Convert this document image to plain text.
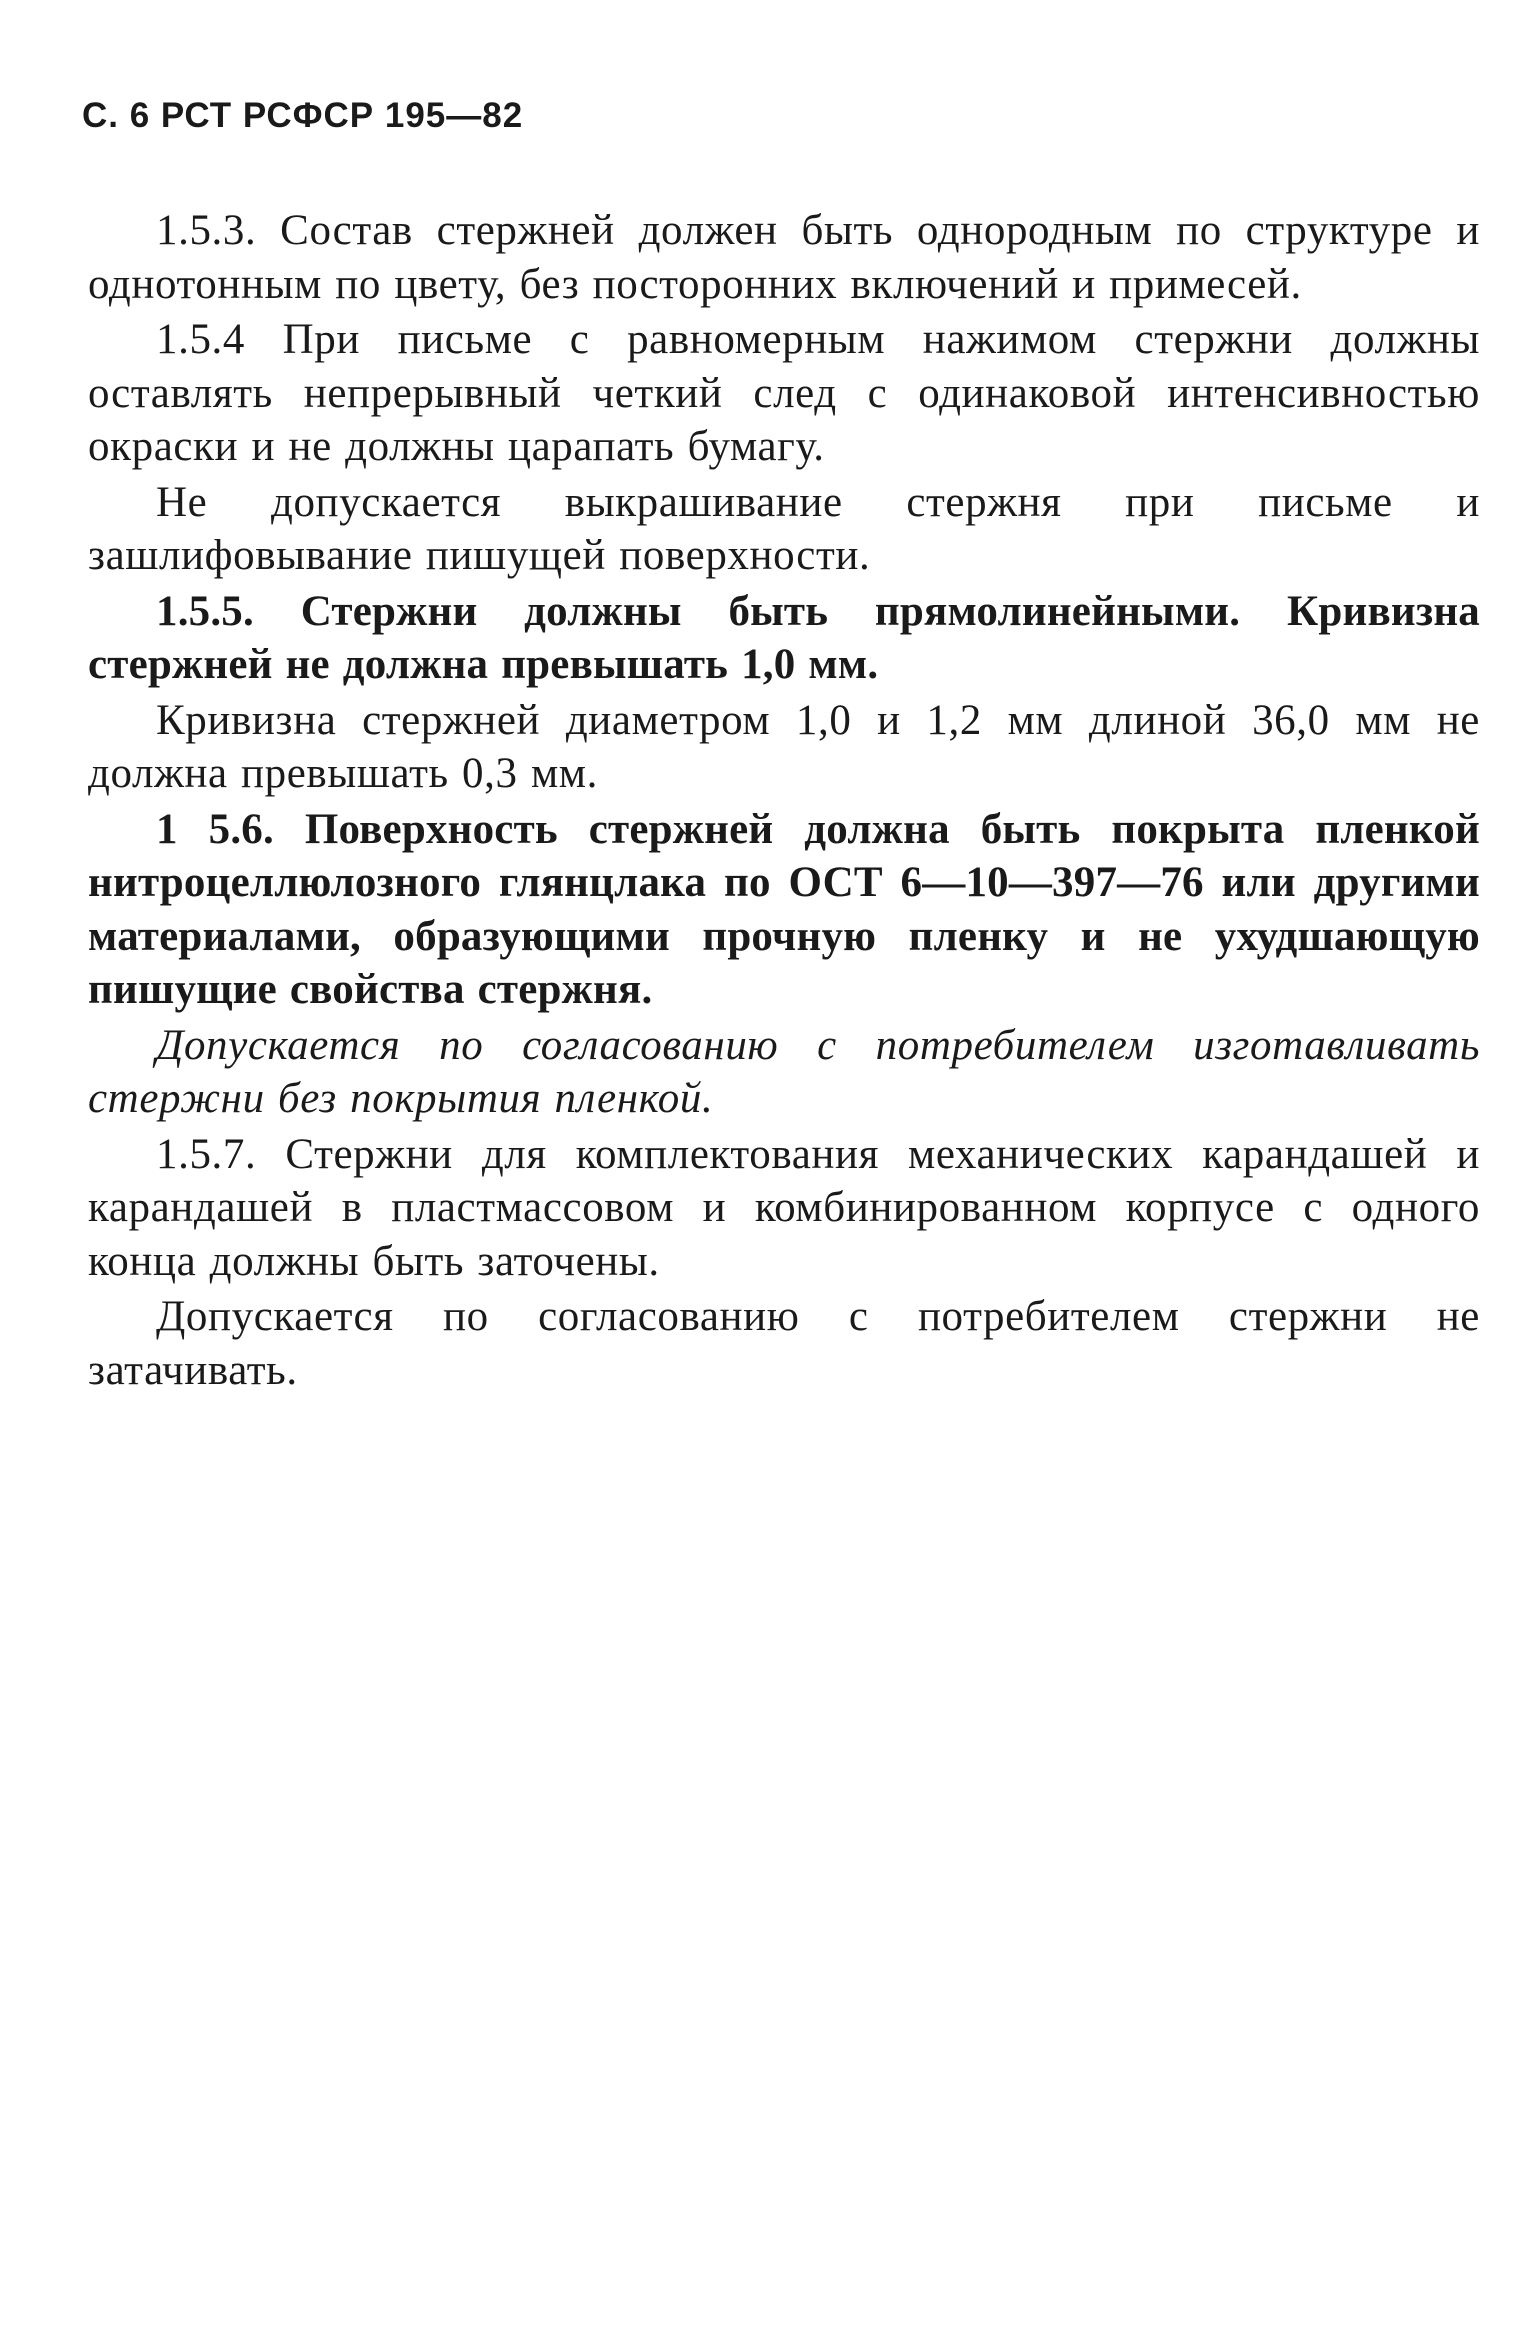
С. 6 РСТ РСФСР 195—82

1.5.3. Состав стержней должен быть однородным по структуре и однотонным по цвету, без посторонних включений и примесей.

1.5.4 При письме с равномерным нажимом стержни должны оставлять непрерывный четкий след с одинаковой интенсивностью окраски и не должны царапать бумагу.

Не допускается выкрашивание стержня при письме и зашлифовывание пишущей поверхности.

1.5.5. Стержни должны быть прямолинейными. Кривизна стержней не должна превышать 1,0 мм.

Кривизна стержней диаметром 1,0 и 1,2 мм длиной 36,0 мм не должна превышать 0,3 мм.

1 5.6. Поверхность стержней должна быть покрыта пленкой нитроцеллюлозного глянцлака по ОСТ 6—10—397—76 или другими материалами, образующими прочную пленку и не ухудшающую пишущие свойства стержня.

Допускается по согласованию с потребителем изготавливать стержни без покрытия пленкой.

1.5.7. Стержни для комплектования механических карандашей и карандашей в пластмассовом и комбинированном корпусе с одного конца должны быть заточены.

Допускается по согласованию с потребителем стержни не затачивать.
